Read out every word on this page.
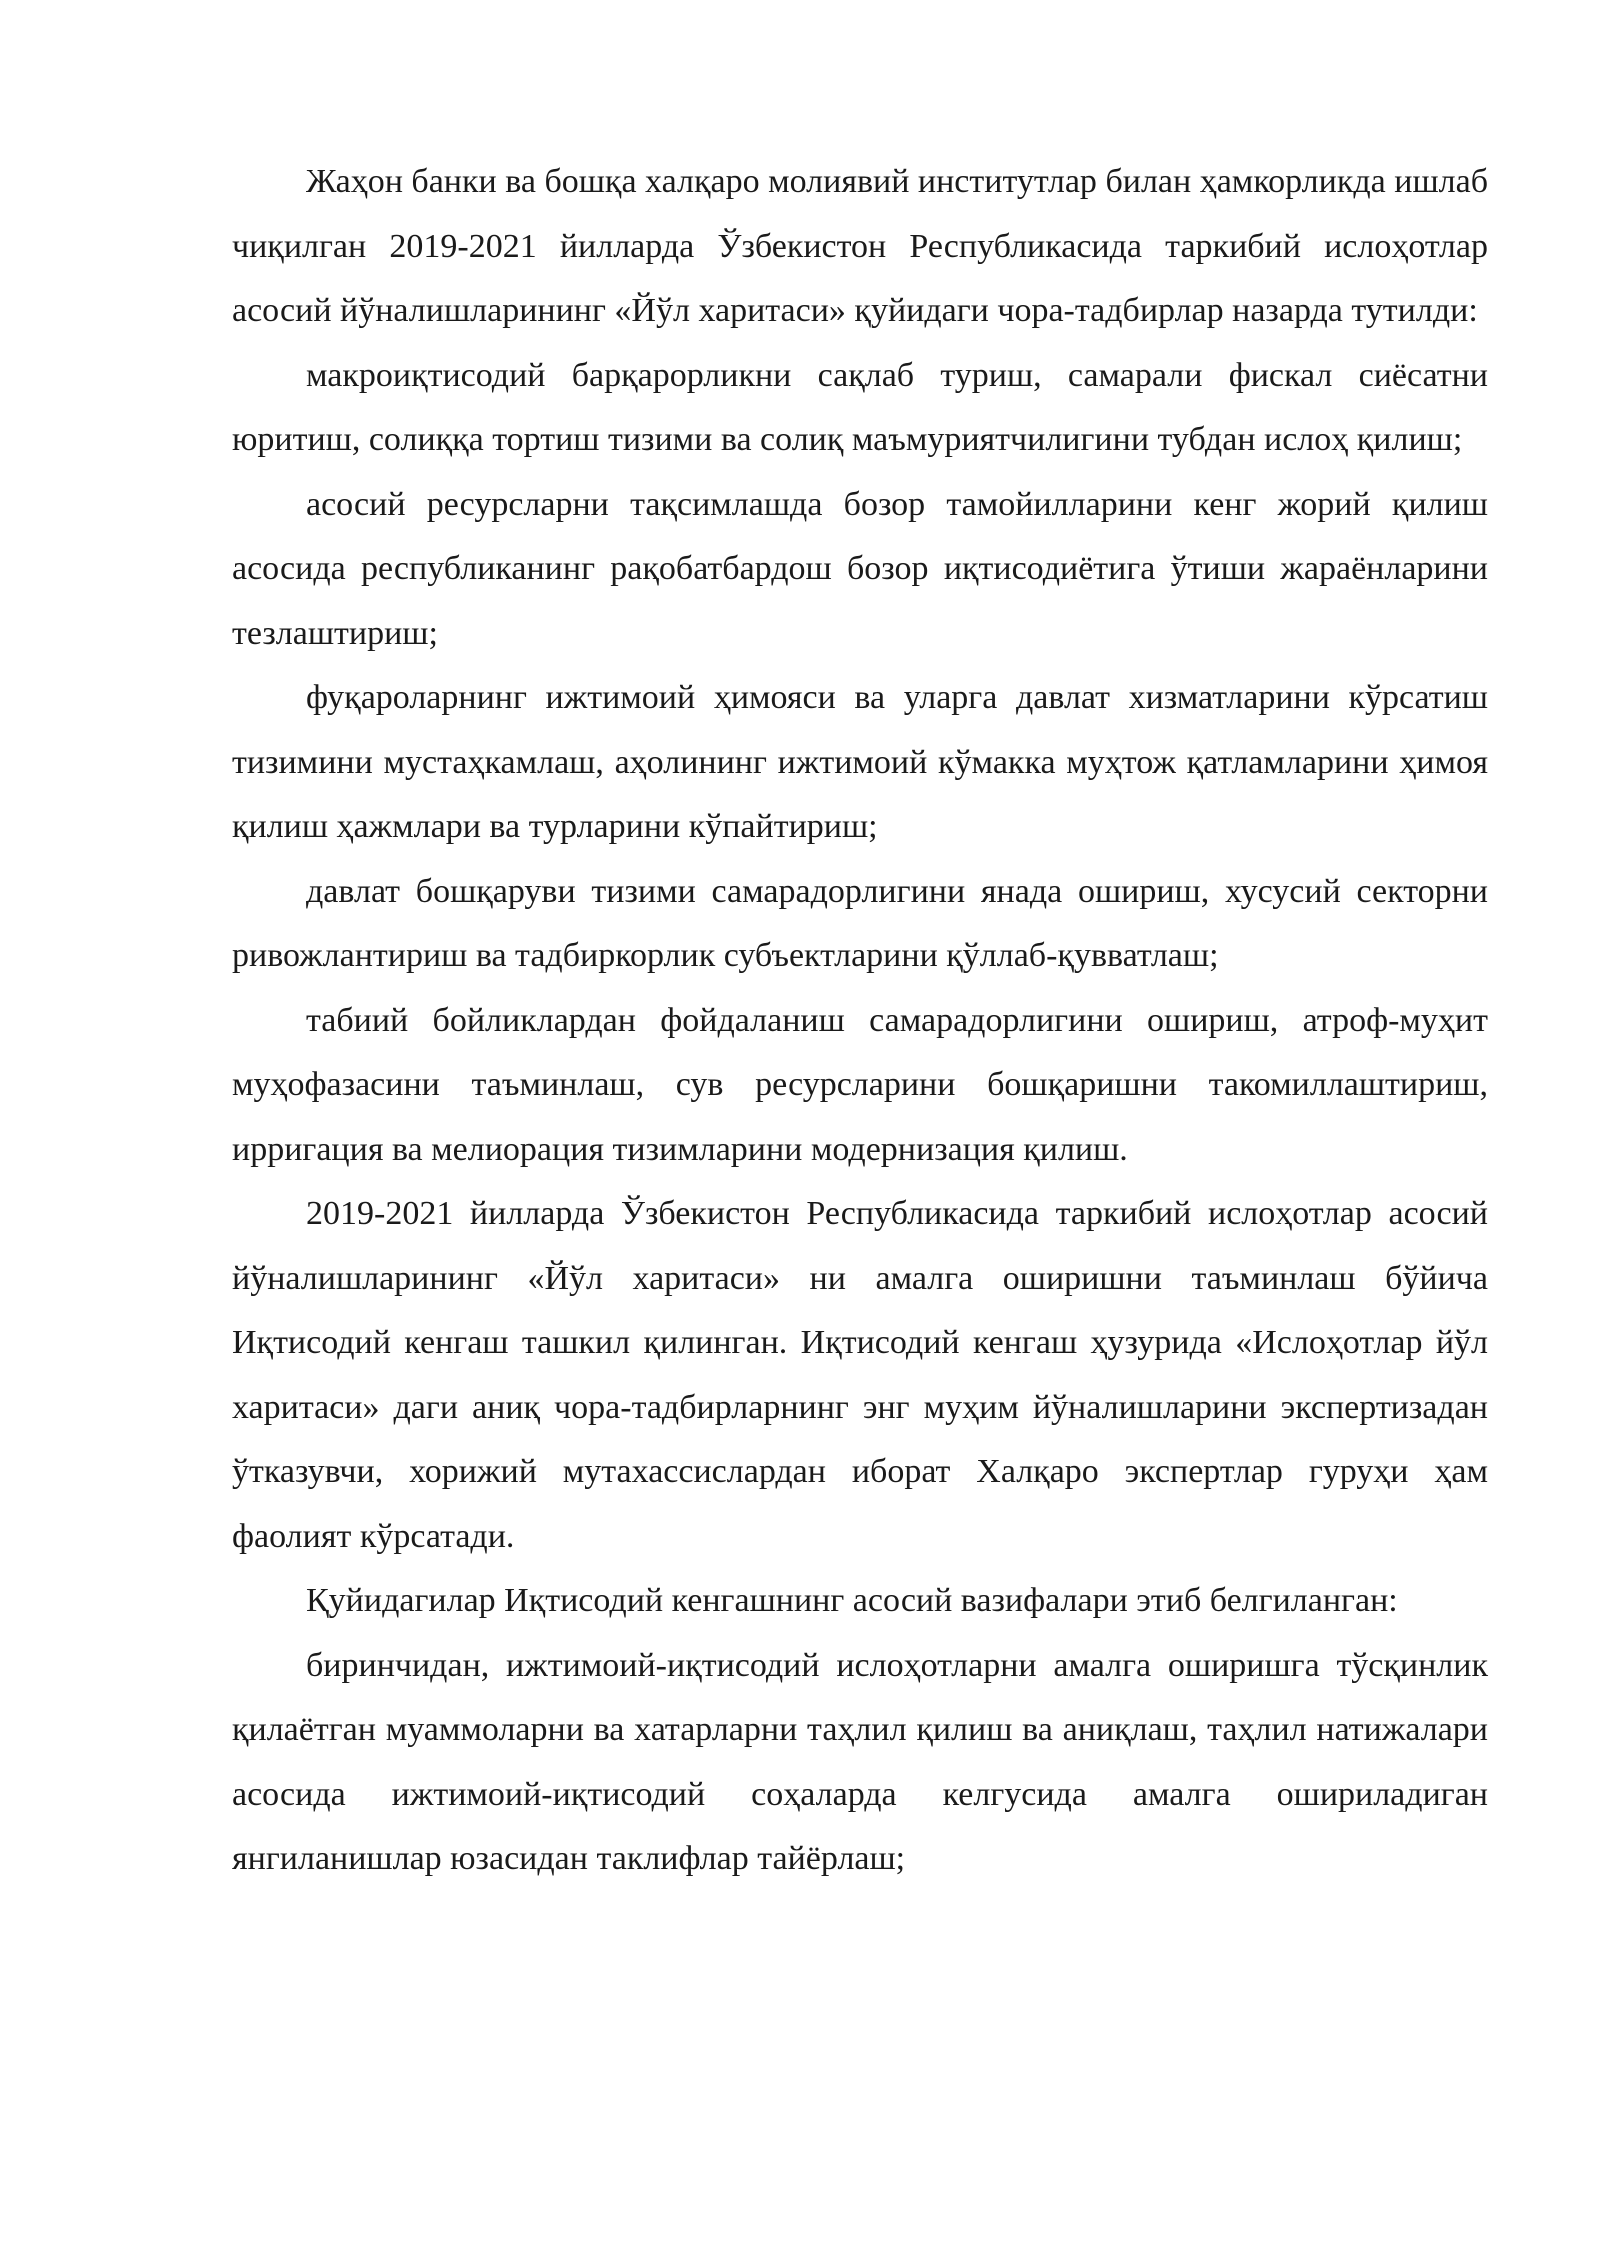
Жаҳон банки ва бошқа халқаро молиявий институтлар билан ҳамкорликда ишлаб чиқилган 2019-2021 йилларда Ўзбекистон Республикасида таркибий ислоҳотлар асосий йўналишларининг «Йўл харитаси» қуйидаги чора-тадбирлар назарда тутилди:

макроиқтисодий барқарорликни сақлаб туриш, самарали фискал сиёсатни юритиш, солиққа тортиш тизими ва солиқ маъмуриятчилигини тубдан ислоҳ қилиш;

асосий ресурсларни тақсимлашда бозор тамойилларини кенг жорий қилиш асосида республиканинг рақобатбардош бозор иқтисодиётига ўтиши жараёнларини тезлаштириш;

фуқароларнинг ижтимоий ҳимояси ва уларга давлат хизматларини кўрсатиш тизимини мустаҳкамлаш, аҳолининг ижтимоий кўмакка муҳтож қатламларини ҳимоя қилиш ҳажмлари ва турларини кўпайтириш;

давлат бошқаруви тизими самарадорлигини янада ошириш, хусусий секторни ривожлантириш ва тадбиркорлик субъектларини қўллаб-қувватлаш;

табиий бойликлардан фойдаланиш самарадорлигини ошириш, атроф-муҳит муҳофазасини таъминлаш, сув ресурсларини бошқаришни такомиллаштириш, ирригация ва мелиорация тизимларини модернизация қилиш.

2019-2021 йилларда Ўзбекистон Республикасида таркибий ислоҳотлар асосий йўналишларининг «Йўл харитаси» ни амалга оширишни таъминлаш бўйича Иқтисодий кенгаш ташкил қилинган. Иқтисодий кенгаш ҳузурида «Ислоҳотлар йўл харитаси» даги аниқ чора-тадбирларнинг энг муҳим йўналишларини экспертизадан ўтказувчи, хорижий мутахассислардан иборат Халқаро экспертлар гуруҳи ҳам фаолият кўрсатади.

Қуйидагилар Иқтисодий кенгашнинг асосий вазифалари этиб белгиланган:

биринчидан, ижтимоий-иқтисодий ислоҳотларни амалга оширишга тўсқинлик қилаётган муаммоларни ва хатарларни таҳлил қилиш ва аниқлаш, таҳлил натижалари асосида ижтимоий-иқтисодий соҳаларда келгусида амалга ошириладиган янгиланишлар юзасидан таклифлар тайёрлаш;
